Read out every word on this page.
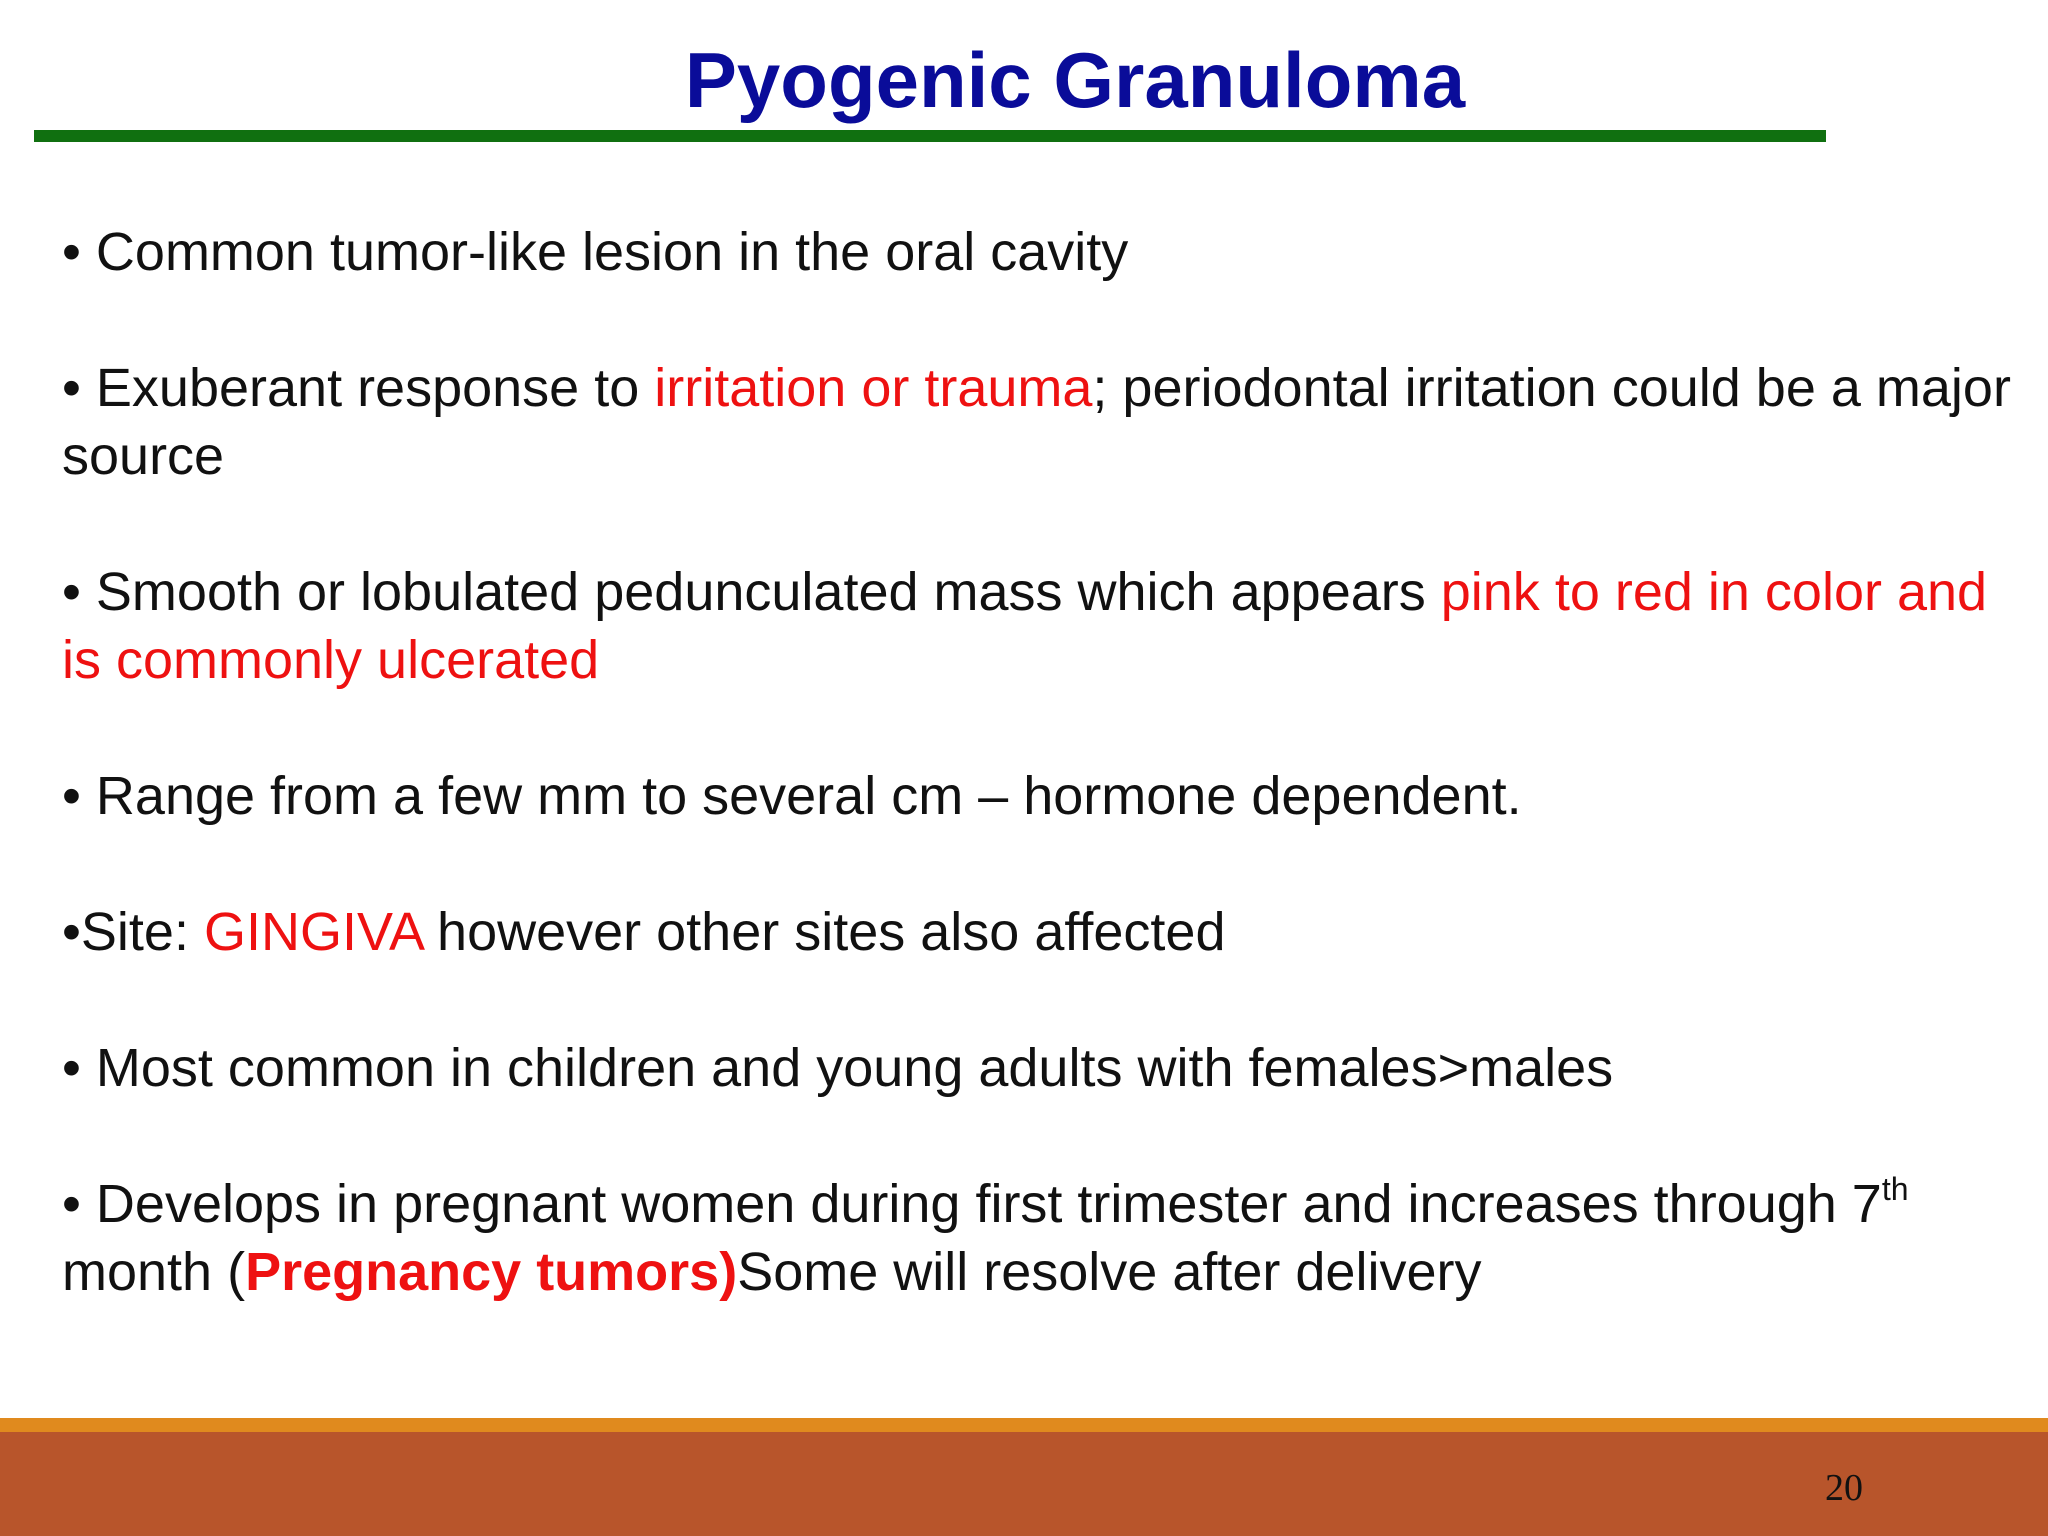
Pyogenic Granuloma
• Common tumor-like lesion in the oral cavity
• Exuberant response to irritation or trauma; periodontal irritation could be a major source
• Smooth or lobulated pedunculated mass which appears pink to red in color and is commonly ulcerated
• Range from a few mm to several cm – hormone dependent.
•Site: GINGIVA however other sites also affected
• Most common in children and young adults with females>males
• Develops in pregnant women during first trimester and increases through 7th month (Pregnancy tumors)Some will resolve after delivery
20
